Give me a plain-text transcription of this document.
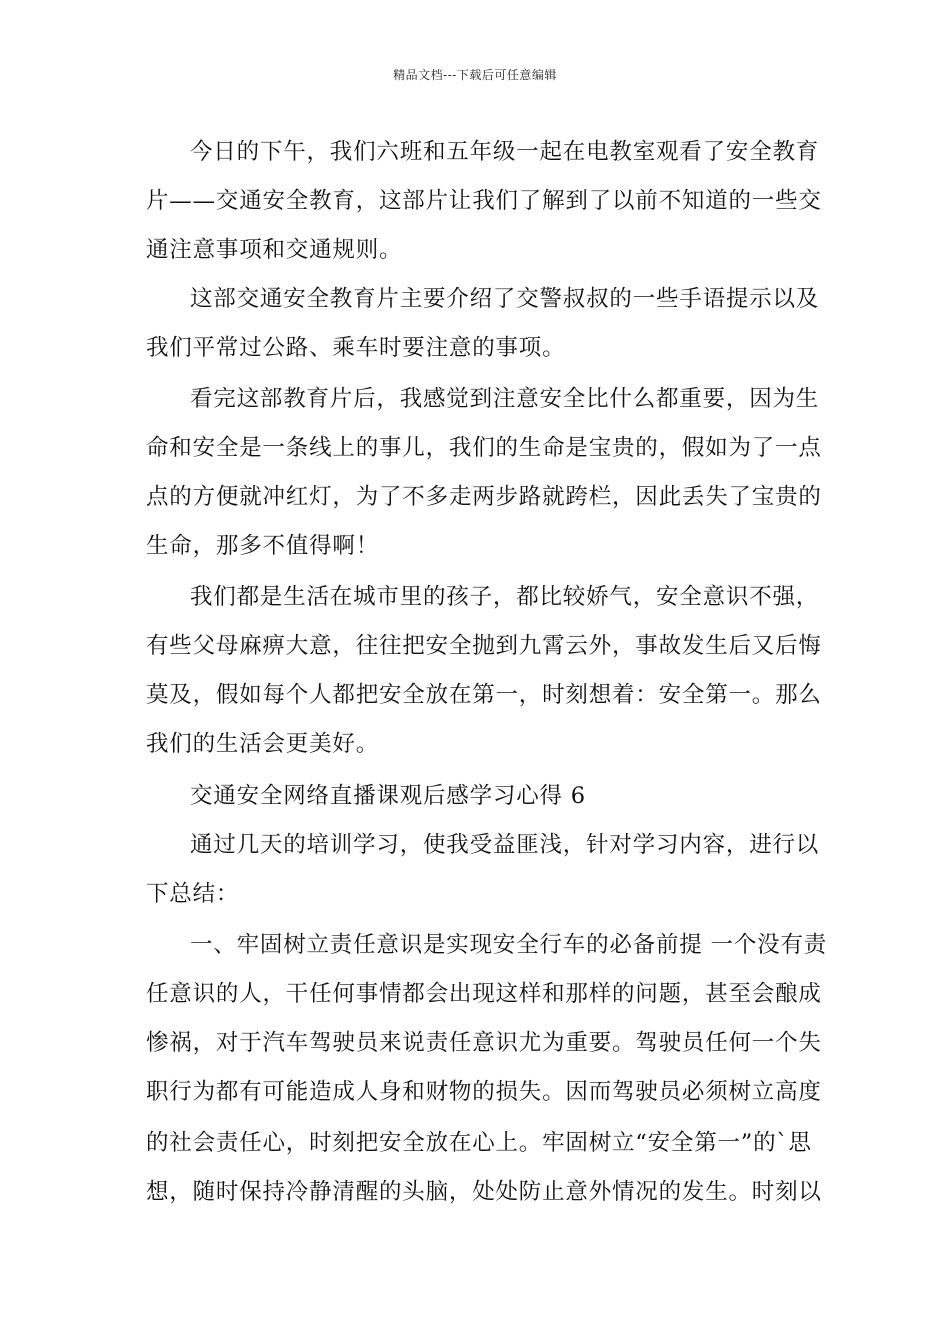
精品文档---下载后可任意编辑
今日的下午，我们六班和五年级一起在电教室观看了安全教育
片——交通安全教育，这部片让我们了解到了以前不知道的一些交
通注意事项和交通规则。
这部交通安全教育片主要介绍了交警叔叔的一些手语提示以及
我们平常过公路、乘车时要注意的事项。
看完这部教育片后，我感觉到注意安全比什么都重要，因为生
命和安全是一条线上的事儿，我们的生命是宝贵的，假如为了一点
点的方便就冲红灯，为了不多走两步路就跨栏，因此丢失了宝贵的
生命，那多不值得啊！
我们都是生活在城市里的孩子，都比较娇气，安全意识不强，
有些父母麻痹大意，往往把安全抛到九霄云外，事故发生后又后悔
莫及，假如每个人都把安全放在第一，时刻想着：安全第一。那么
我们的生活会更美好。
交通安全网络直播课观后感学习心得 6
通过几天的培训学习，使我受益匪浅，针对学习内容，进行以
下总结：
一、牢固树立责任意识是实现安全行车的必备前提 一个没有责
任意识的人，干任何事情都会出现这样和那样的问题，甚至会酿成
惨祸，对于汽车驾驶员来说责任意识尤为重要。驾驶员任何一个失
职行为都有可能造成人身和财物的损失。因而驾驶员必须树立高度
的社会责任心，时刻把安全放在心上。牢固树立“安全第一”的`思
想，随时保持冷静清醒的头脑，处处防止意外情况的发生。时刻以
